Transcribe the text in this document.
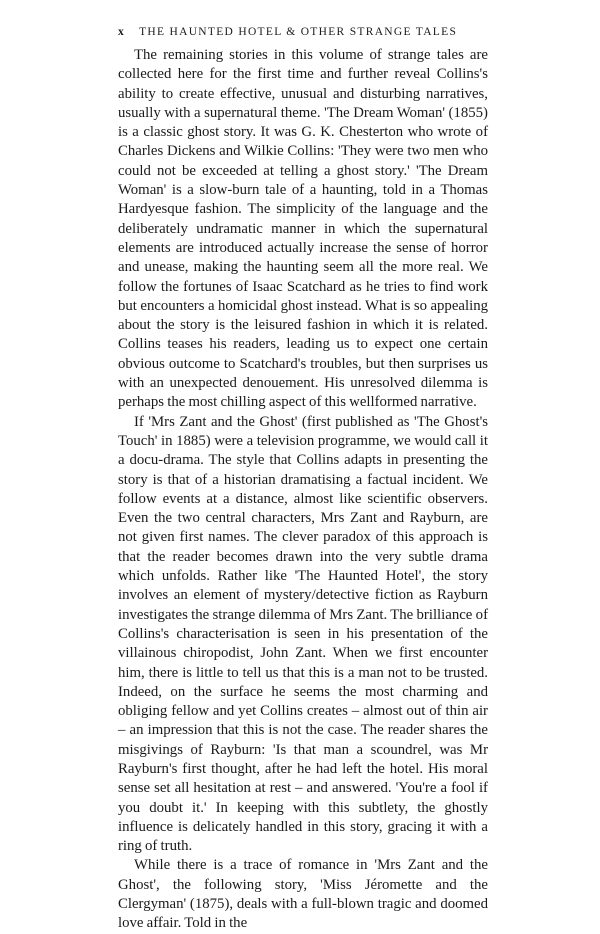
x THE HAUNTED HOTEL & OTHER STRANGE TALES

The remaining stories in this volume of strange tales are collected here for the first time and further reveal Collins's ability to create effective, unusual and disturbing narratives, usually with a supernatural theme. 'The Dream Woman' (1855) is a classic ghost story. It was G. K. Chesterton who wrote of Charles Dickens and Wilkie Collins: 'They were two men who could not be exceeded at telling a ghost story.' 'The Dream Woman' is a slow-burn tale of a haunting, told in a Thomas Hardyesque fashion. The simplicity of the language and the deliberately undramatic manner in which the supernatural elements are introduced actually increase the sense of horror and unease, making the haunting seem all the more real. We follow the fortunes of Isaac Scatchard as he tries to find work but encounters a homicidal ghost instead. What is so appealing about the story is the leisured fashion in which it is related. Collins teases his readers, leading us to expect one certain obvious outcome to Scatchard's troubles, but then surprises us with an unexpected denouement. His unresolved dilemma is perhaps the most chilling aspect of this wellformed narrative.

If 'Mrs Zant and the Ghost' (first published as 'The Ghost's Touch' in 1885) were a television programme, we would call it a docu-drama. The style that Collins adapts in presenting the story is that of a historian dramatising a factual incident. We follow events at a distance, almost like scientific observers. Even the two central characters, Mrs Zant and Rayburn, are not given first names. The clever paradox of this approach is that the reader becomes drawn into the very subtle drama which unfolds. Rather like 'The Haunted Hotel', the story involves an element of mystery/detective fiction as Rayburn investigates the strange dilemma of Mrs Zant. The brilliance of Collins's characterisation is seen in his presentation of the villainous chiropodist, John Zant. When we first encounter him, there is little to tell us that this is a man not to be trusted. Indeed, on the surface he seems the most charming and obliging fellow and yet Collins creates – almost out of thin air – an impression that this is not the case. The reader shares the misgivings of Rayburn: 'Is that man a scoundrel, was Mr Rayburn's first thought, after he had left the hotel. His moral sense set all hesitation at rest – and answered. 'You're a fool if you doubt it.' In keeping with this subtlety, the ghostly influence is delicately handled in this story, gracing it with a ring of truth.

While there is a trace of romance in 'Mrs Zant and the Ghost', the following story, 'Miss Jéromette and the Clergyman' (1875), deals with a full-blown tragic and doomed love affair. Told in the
